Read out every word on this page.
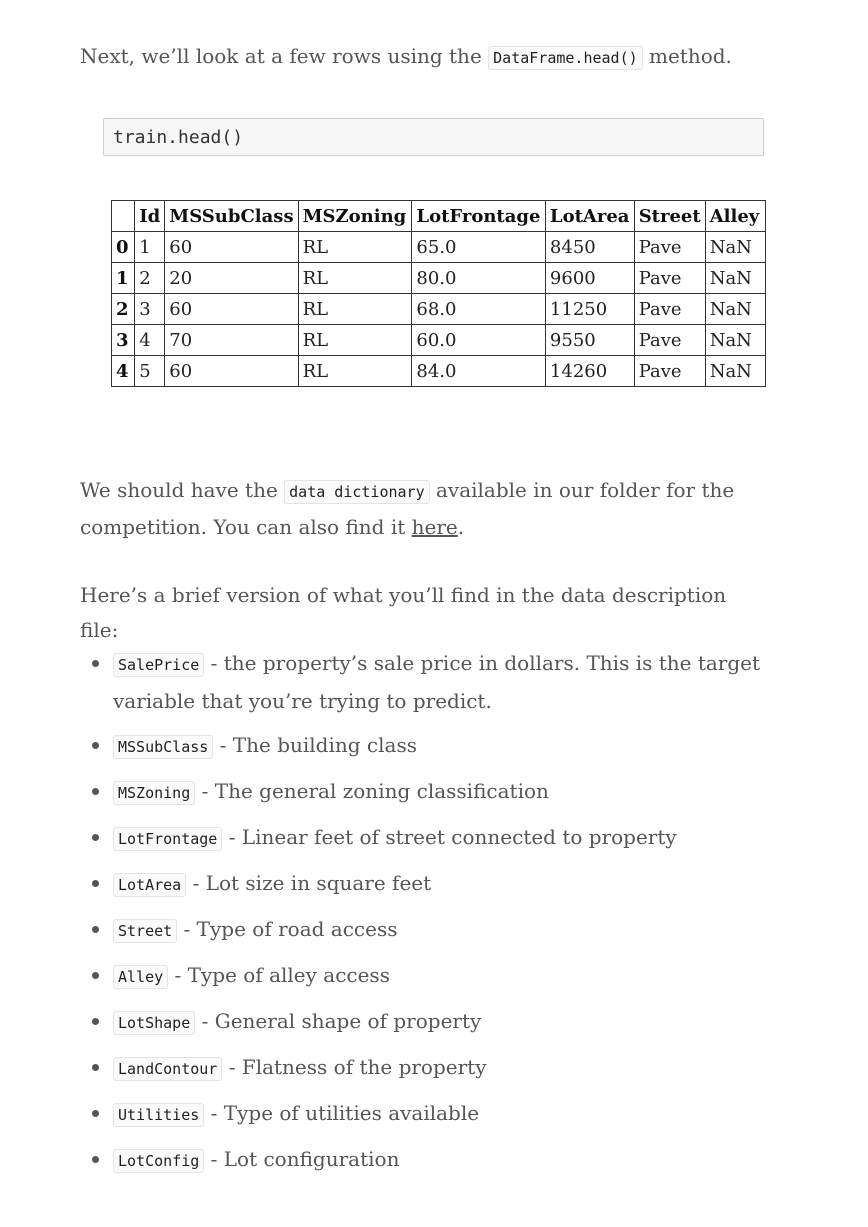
Next, we’ll look at a few rows using the DataFrame.head() method.

train.head()
	Id	MSSubClass	MSZoning	LotFrontage	LotArea	Street	Alley
0	1	60	RL	65.0	8450	Pave	NaN
1	2	20	RL	80.0	9600	Pave	NaN
2	3	60	RL	68.0	11250	Pave	NaN
3	4	70	RL	60.0	9550	Pave	NaN
4	5	60	RL	84.0	14260	Pave	NaN

We should have the data dictionary available in our folder for the competition. You can also find it here.

Here’s a brief version of what you’ll find in the data description file:

SalePrice - the property’s sale price in dollars. This is the target variable that you’re trying to predict.
MSSubClass - The building class
MSZoning - The general zoning classification
LotFrontage - Linear feet of street connected to property
LotArea - Lot size in square feet
Street - Type of road access
Alley - Type of alley access
LotShape - General shape of property
LandContour - Flatness of the property
Utilities - Type of utilities available
LotConfig - Lot configuration
